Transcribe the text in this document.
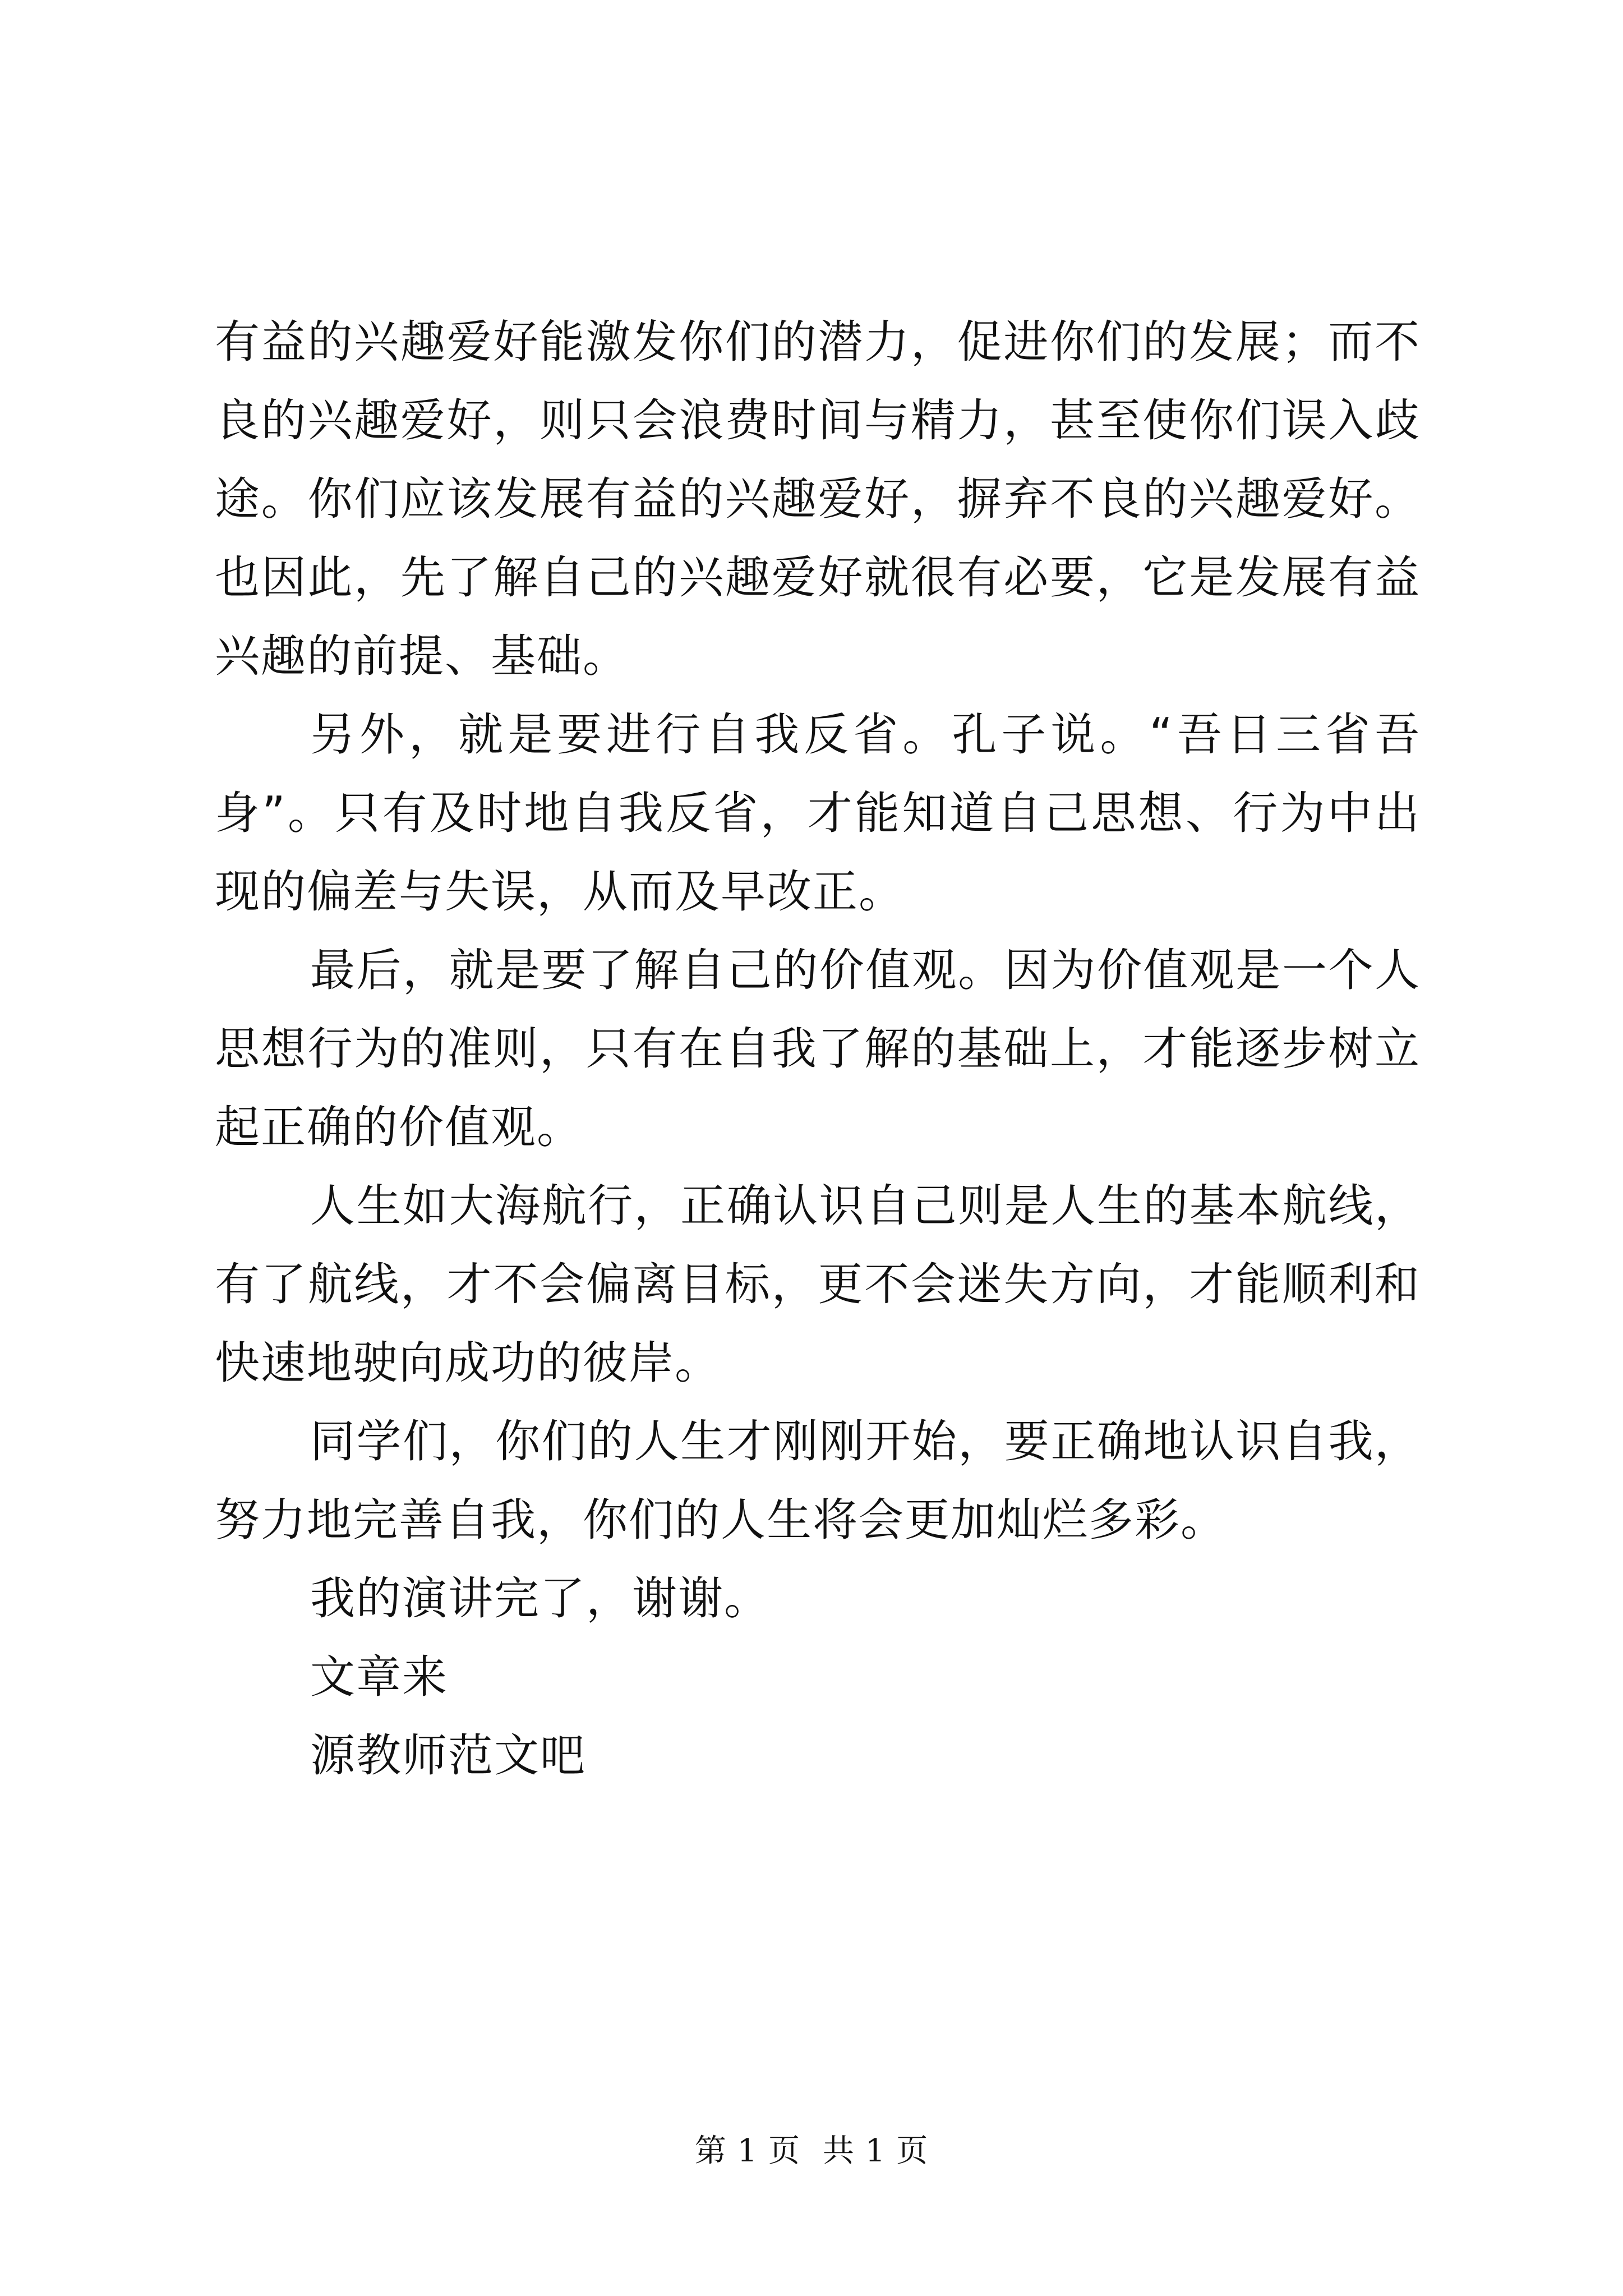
有益的兴趣爱好能激发你们的潜力，促进你们的发展；而不良的兴趣爱好，则只会浪费时间与精力，甚至使你们误入歧途。你们应该发展有益的兴趣爱好，摒弃不良的兴趣爱好。也因此，先了解自己的兴趣爱好就很有必要，它是发展有益兴趣的前提、基础。

另外，就是要进行自我反省。孔子说。“吾日三省吾身”。只有及时地自我反省，才能知道自己思想、行为中出现的偏差与失误，从而及早改正。

最后，就是要了解自己的价值观。因为价值观是一个人思想行为的准则，只有在自我了解的基础上，才能逐步树立起正确的价值观。

人生如大海航行，正确认识自己则是人生的基本航线，有了航线，才不会偏离目标，更不会迷失方向，才能顺利和快速地驶向成功的彼岸。

同学们，你们的人生才刚刚开始，要正确地认识自我，努力地完善自我，你们的人生将会更加灿烂多彩。

我的演讲完了，谢谢。

文章来

源教师范文吧

第 1 页 共 1 页
